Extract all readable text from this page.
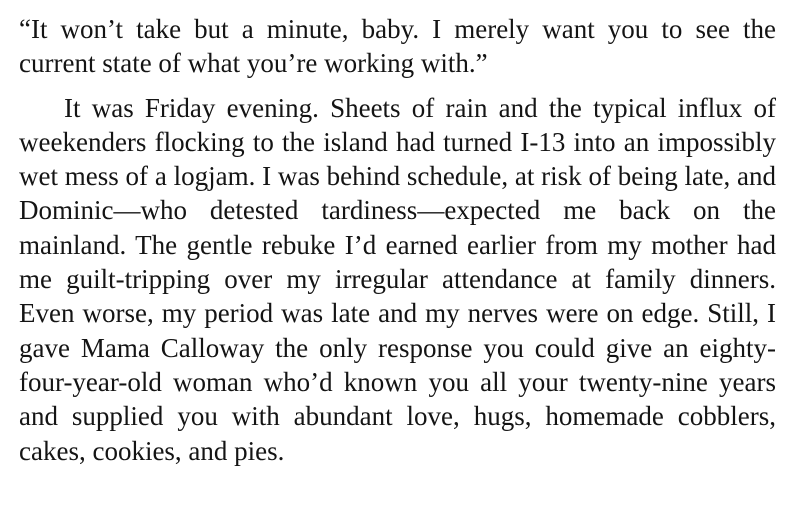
“It won’t take but a minute, baby. I merely want you to see the current state of what you’re working with.”

It was Friday evening. Sheets of rain and the typical influx of weekenders flocking to the island had turned I-13 into an impossibly wet mess of a logjam. I was behind schedule, at risk of being late, and Dominic—who detested tardiness—expected me back on the mainland. The gentle rebuke I’d earned earlier from my mother had me guilt-tripping over my irregular attendance at family dinners. Even worse, my period was late and my nerves were on edge. Still, I gave Mama Calloway the only response you could give an eighty-four-year-old woman who’d known you all your twenty-nine years and supplied you with abundant love, hugs, homemade cobblers, cakes, cookies, and pies.
